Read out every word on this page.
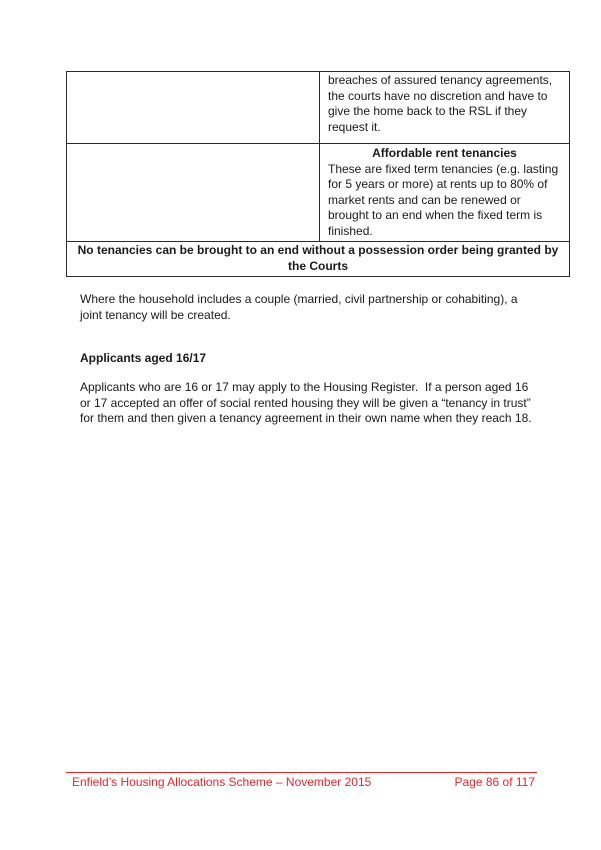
	breaches of assured tenancy agreements, the courts have no discretion and have to give the home back to the RSL if they request it.

	Affordable rent tenancies
These are fixed term tenancies (e.g. lasting for 5 years or more) at rents up to 80% of market rents and can be renewed or brought to an end when the fixed term is finished.

No tenancies can be brought to an end without a possession order being granted by the Courts	

Where the household includes a couple (married, civil partnership or cohabiting), a joint tenancy will be created.

Applicants aged 16/17

Applicants who are 16 or 17 may apply to the Housing Register.  If a person aged 16 or 17 accepted an offer of social rented housing they will be given a “tenancy in trust” for them and then given a tenancy agreement in their own name when they reach 18.

Enfield’s Housing Allocations Scheme – November 2015	Page 86 of 117
